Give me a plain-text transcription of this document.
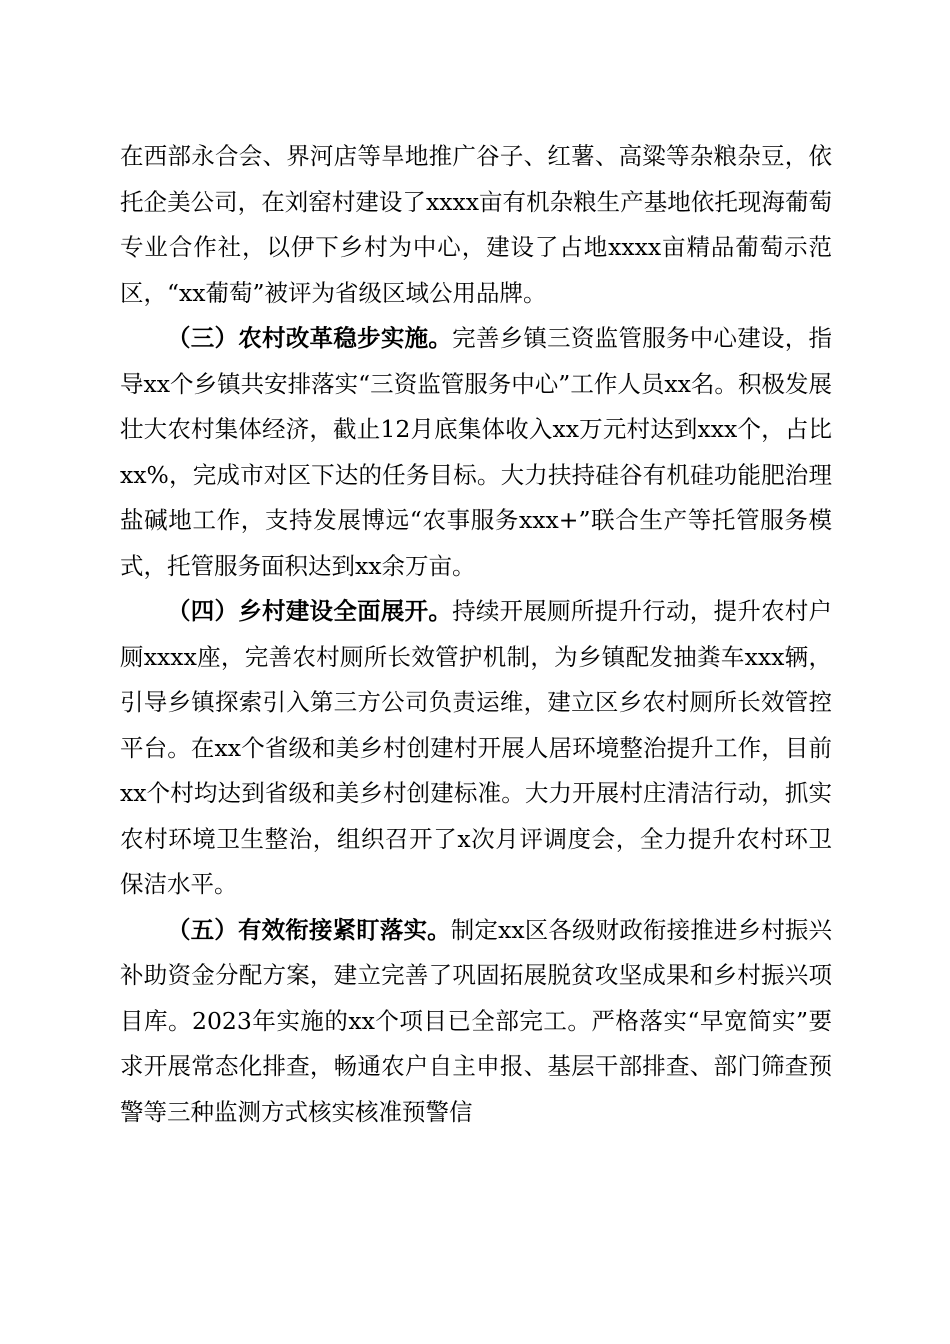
在西部永合会、界河店等旱地推广谷子、红薯、高粱等杂粮杂豆，依托企美公司，在刘窑村建设了xxxx亩有机杂粮生产基地依托现海葡萄专业合作社，以伊下乡村为中心，建设了占地xxxx亩精品葡萄示范区，“xx葡萄”被评为省级区域公用品牌。

（三）农村改革稳步实施。完善乡镇三资监管服务中心建设，指导xx个乡镇共安排落实“三资监管服务中心”工作人员xx名。积极发展壮大农村集体经济，截止12月底集体收入xx万元村达到xxx个，占比xx%，完成市对区下达的任务目标。大力扶持硅谷有机硅功能肥治理盐碱地工作，支持发展博远“农事服务xxx+”联合生产等托管服务模式，托管服务面积达到xx余万亩。

（四）乡村建设全面展开。持续开展厕所提升行动，提升农村户厕xxxx座，完善农村厕所长效管护机制，为乡镇配发抽粪车xxx辆，引导乡镇探索引入第三方公司负责运维，建立区乡农村厕所长效管控平台。在xx个省级和美乡村创建村开展人居环境整治提升工作，目前xx个村均达到省级和美乡村创建标准。大力开展村庄清洁行动，抓实农村环境卫生整治，组织召开了x次月评调度会，全力提升农村环卫保洁水平。

（五）有效衔接紧盯落实。制定xx区各级财政衔接推进乡村振兴补助资金分配方案，建立完善了巩固拓展脱贫攻坚成果和乡村振兴项目库。2023年实施的xx个项目已全部完工。严格落实“早宽简实”要求开展常态化排查，畅通农户自主申报、基层干部排查、部门筛查预警等三种监测方式核实核准预警信
